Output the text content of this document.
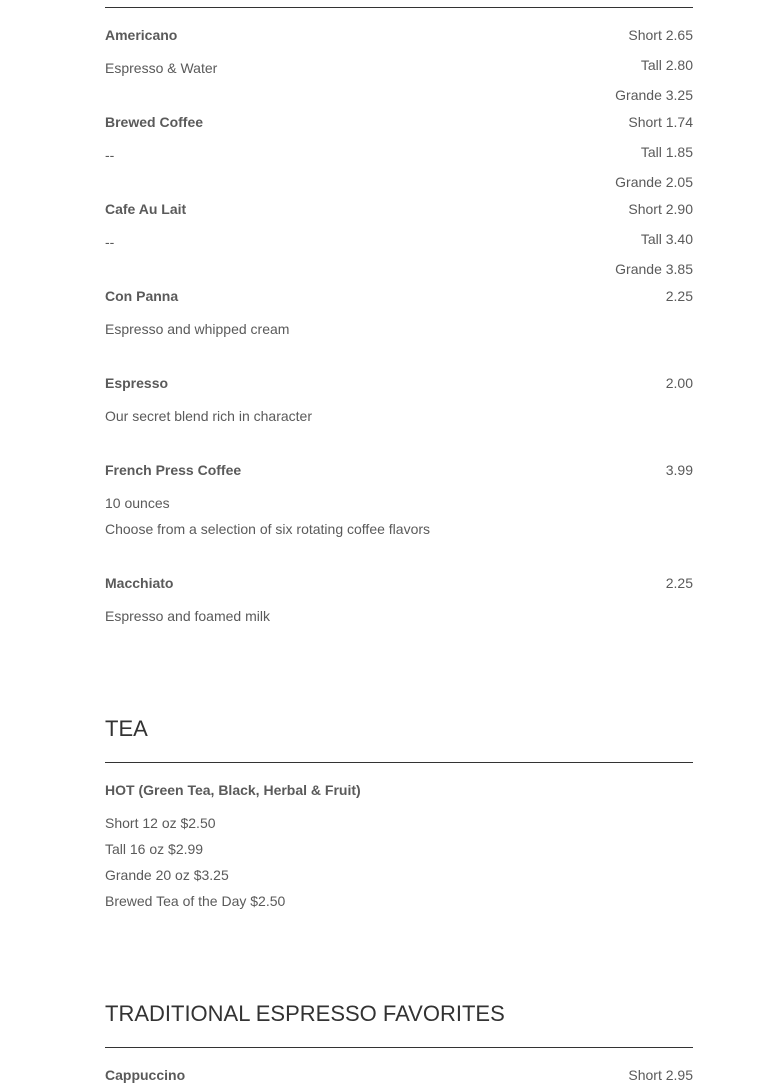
Americano
Espresso & Water
Short 2.65
Tall 2.80
Grande 3.25
Brewed Coffee
--
Short 1.74
Tall 1.85
Grande 2.05
Cafe Au Lait
--
Short 2.90
Tall 3.40
Grande 3.85
Con Panna
Espresso and whipped cream
2.25
Espresso
Our secret blend rich in character
2.00
French Press Coffee
10 ounces
Choose from a selection of six rotating coffee flavors
3.99
Macchiato
Espresso and foamed milk
2.25
TEA
HOT (Green Tea, Black, Herbal & Fruit)
Short 12 oz $2.50
Tall 16 oz $2.99
Grande 20 oz $3.25
Brewed Tea of the Day $2.50
TRADITIONAL ESPRESSO FAVORITES
Cappuccino	Short 2.95
